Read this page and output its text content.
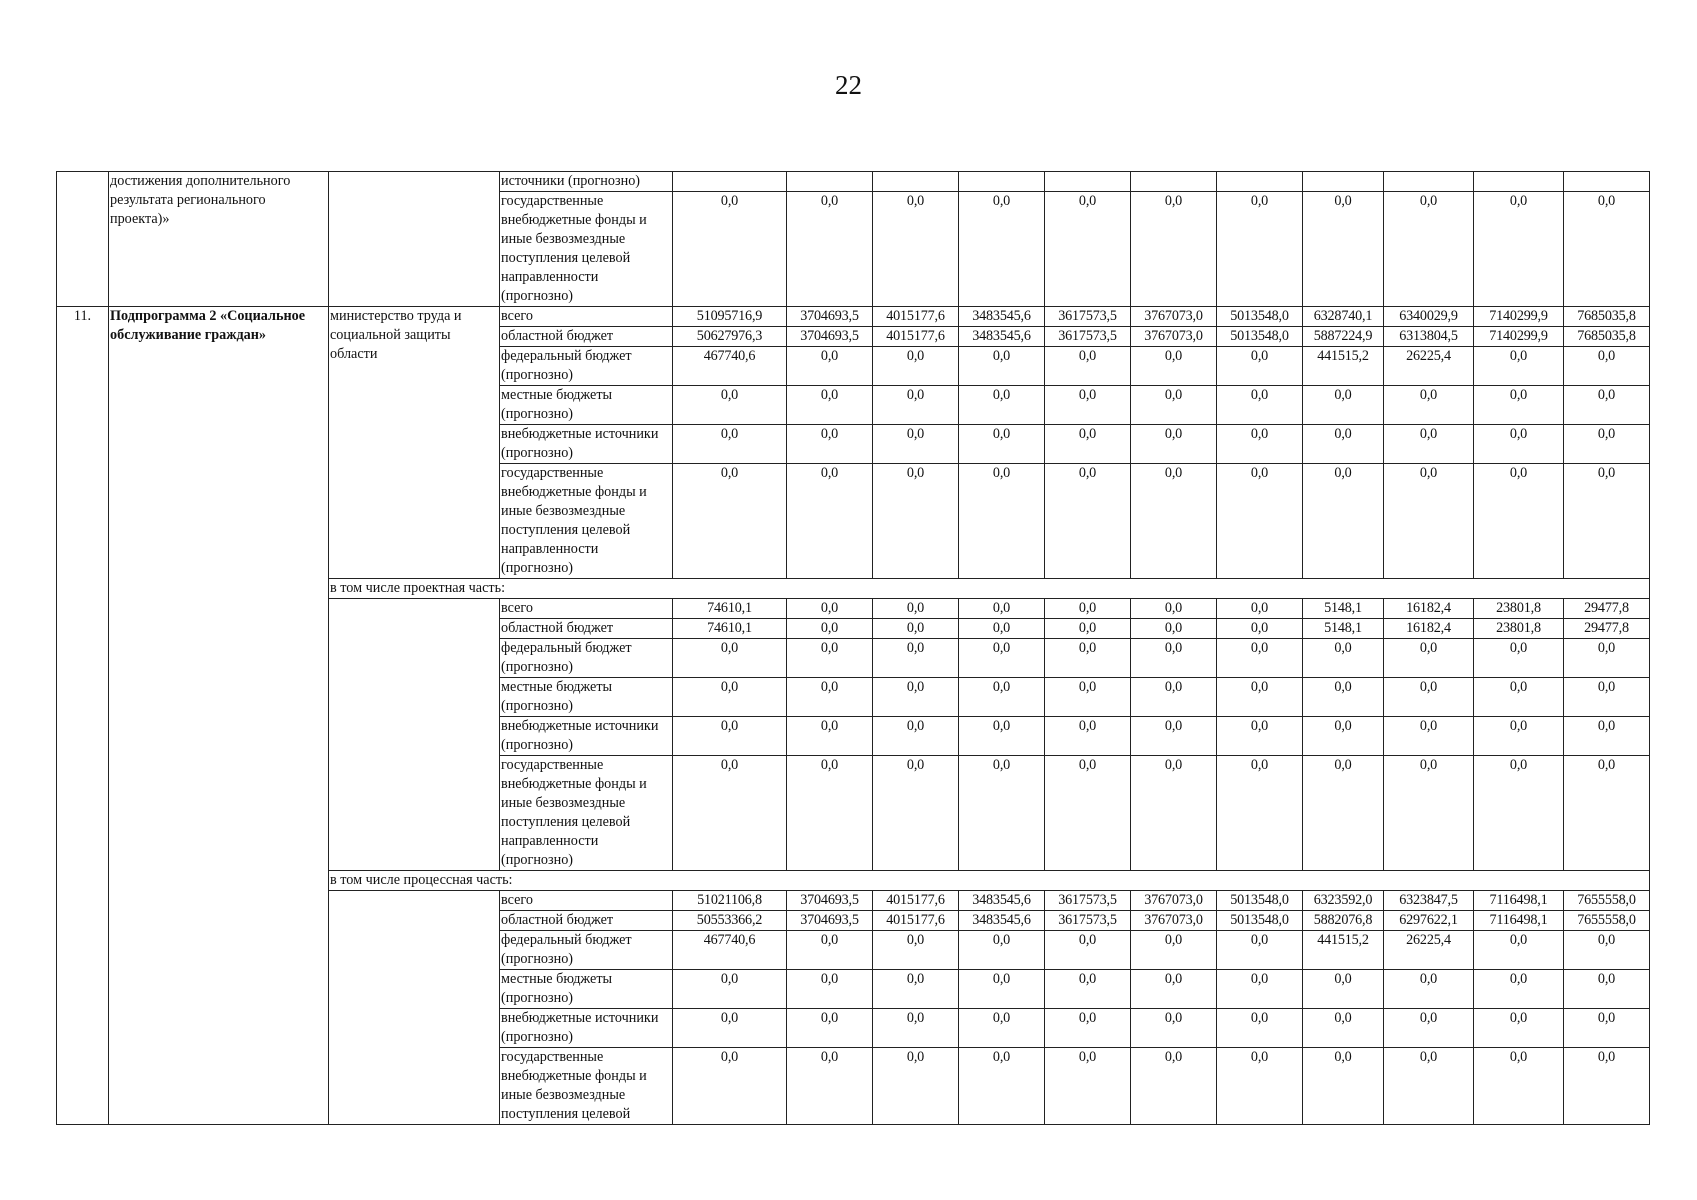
22
	достижения дополнительного результата регионального проекта)»		источники (прогнозно)											
			государственные внебюджетные фонды и иные безвозмездные поступления целевой направленности (прогнозно)	0,0	0,0	0,0	0,0	0,0	0,0	0,0	0,0	0,0	0,0	0,0
11.	Подпрограмма 2 «Социальное обслуживание граждан»	министерство труда и социальной защиты области	всего	51095716,9	3704693,5	4015177,6	3483545,6	3617573,5	3767073,0	5013548,0	6328740,1	6340029,9	7140299,9	7685035,8
			областной бюджет	50627976,3	3704693,5	4015177,6	3483545,6	3617573,5	3767073,0	5013548,0	5887224,9	6313804,5	7140299,9	7685035,8
			федеральный бюджет (прогнозно)	467740,6	0,0	0,0	0,0	0,0	0,0	0,0	441515,2	26225,4	0,0	0,0
			местные бюджеты (прогнозно)	0,0	0,0	0,0	0,0	0,0	0,0	0,0	0,0	0,0	0,0	0,0
			внебюджетные источники (прогнозно)	0,0	0,0	0,0	0,0	0,0	0,0	0,0	0,0	0,0	0,0	0,0
			государственные внебюджетные фонды и иные безвозмездные поступления целевой направленности (прогнозно)	0,0	0,0	0,0	0,0	0,0	0,0	0,0	0,0	0,0	0,0	0,0
		в том числе проектная часть:												
			всего	74610,1	0,0	0,0	0,0	0,0	0,0	0,0	5148,1	16182,4	23801,8	29477,8
			областной бюджет	74610,1	0,0	0,0	0,0	0,0	0,0	0,0	5148,1	16182,4	23801,8	29477,8
			федеральный бюджет (прогнозно)	0,0	0,0	0,0	0,0	0,0	0,0	0,0	0,0	0,0	0,0	0,0
			местные бюджеты (прогнозно)	0,0	0,0	0,0	0,0	0,0	0,0	0,0	0,0	0,0	0,0	0,0
			внебюджетные источники (прогнозно)	0,0	0,0	0,0	0,0	0,0	0,0	0,0	0,0	0,0	0,0	0,0
			государственные внебюджетные фонды и иные безвозмездные поступления целевой направленности (прогнозно)	0,0	0,0	0,0	0,0	0,0	0,0	0,0	0,0	0,0	0,0	0,0
		в том числе процессная часть:												
			всего	51021106,8	3704693,5	4015177,6	3483545,6	3617573,5	3767073,0	5013548,0	6323592,0	6323847,5	7116498,1	7655558,0
			областной бюджет	50553366,2	3704693,5	4015177,6	3483545,6	3617573,5	3767073,0	5013548,0	5882076,8	6297622,1	7116498,1	7655558,0
			федеральный бюджет (прогнозно)	467740,6	0,0	0,0	0,0	0,0	0,0	0,0	441515,2	26225,4	0,0	0,0
			местные бюджеты (прогнозно)	0,0	0,0	0,0	0,0	0,0	0,0	0,0	0,0	0,0	0,0	0,0
			внебюджетные источники (прогнозно)	0,0	0,0	0,0	0,0	0,0	0,0	0,0	0,0	0,0	0,0	0,0
			государственные внебюджетные фонды и иные безвозмездные поступления целевой	0,0	0,0	0,0	0,0	0,0	0,0	0,0	0,0	0,0	0,0	0,0
